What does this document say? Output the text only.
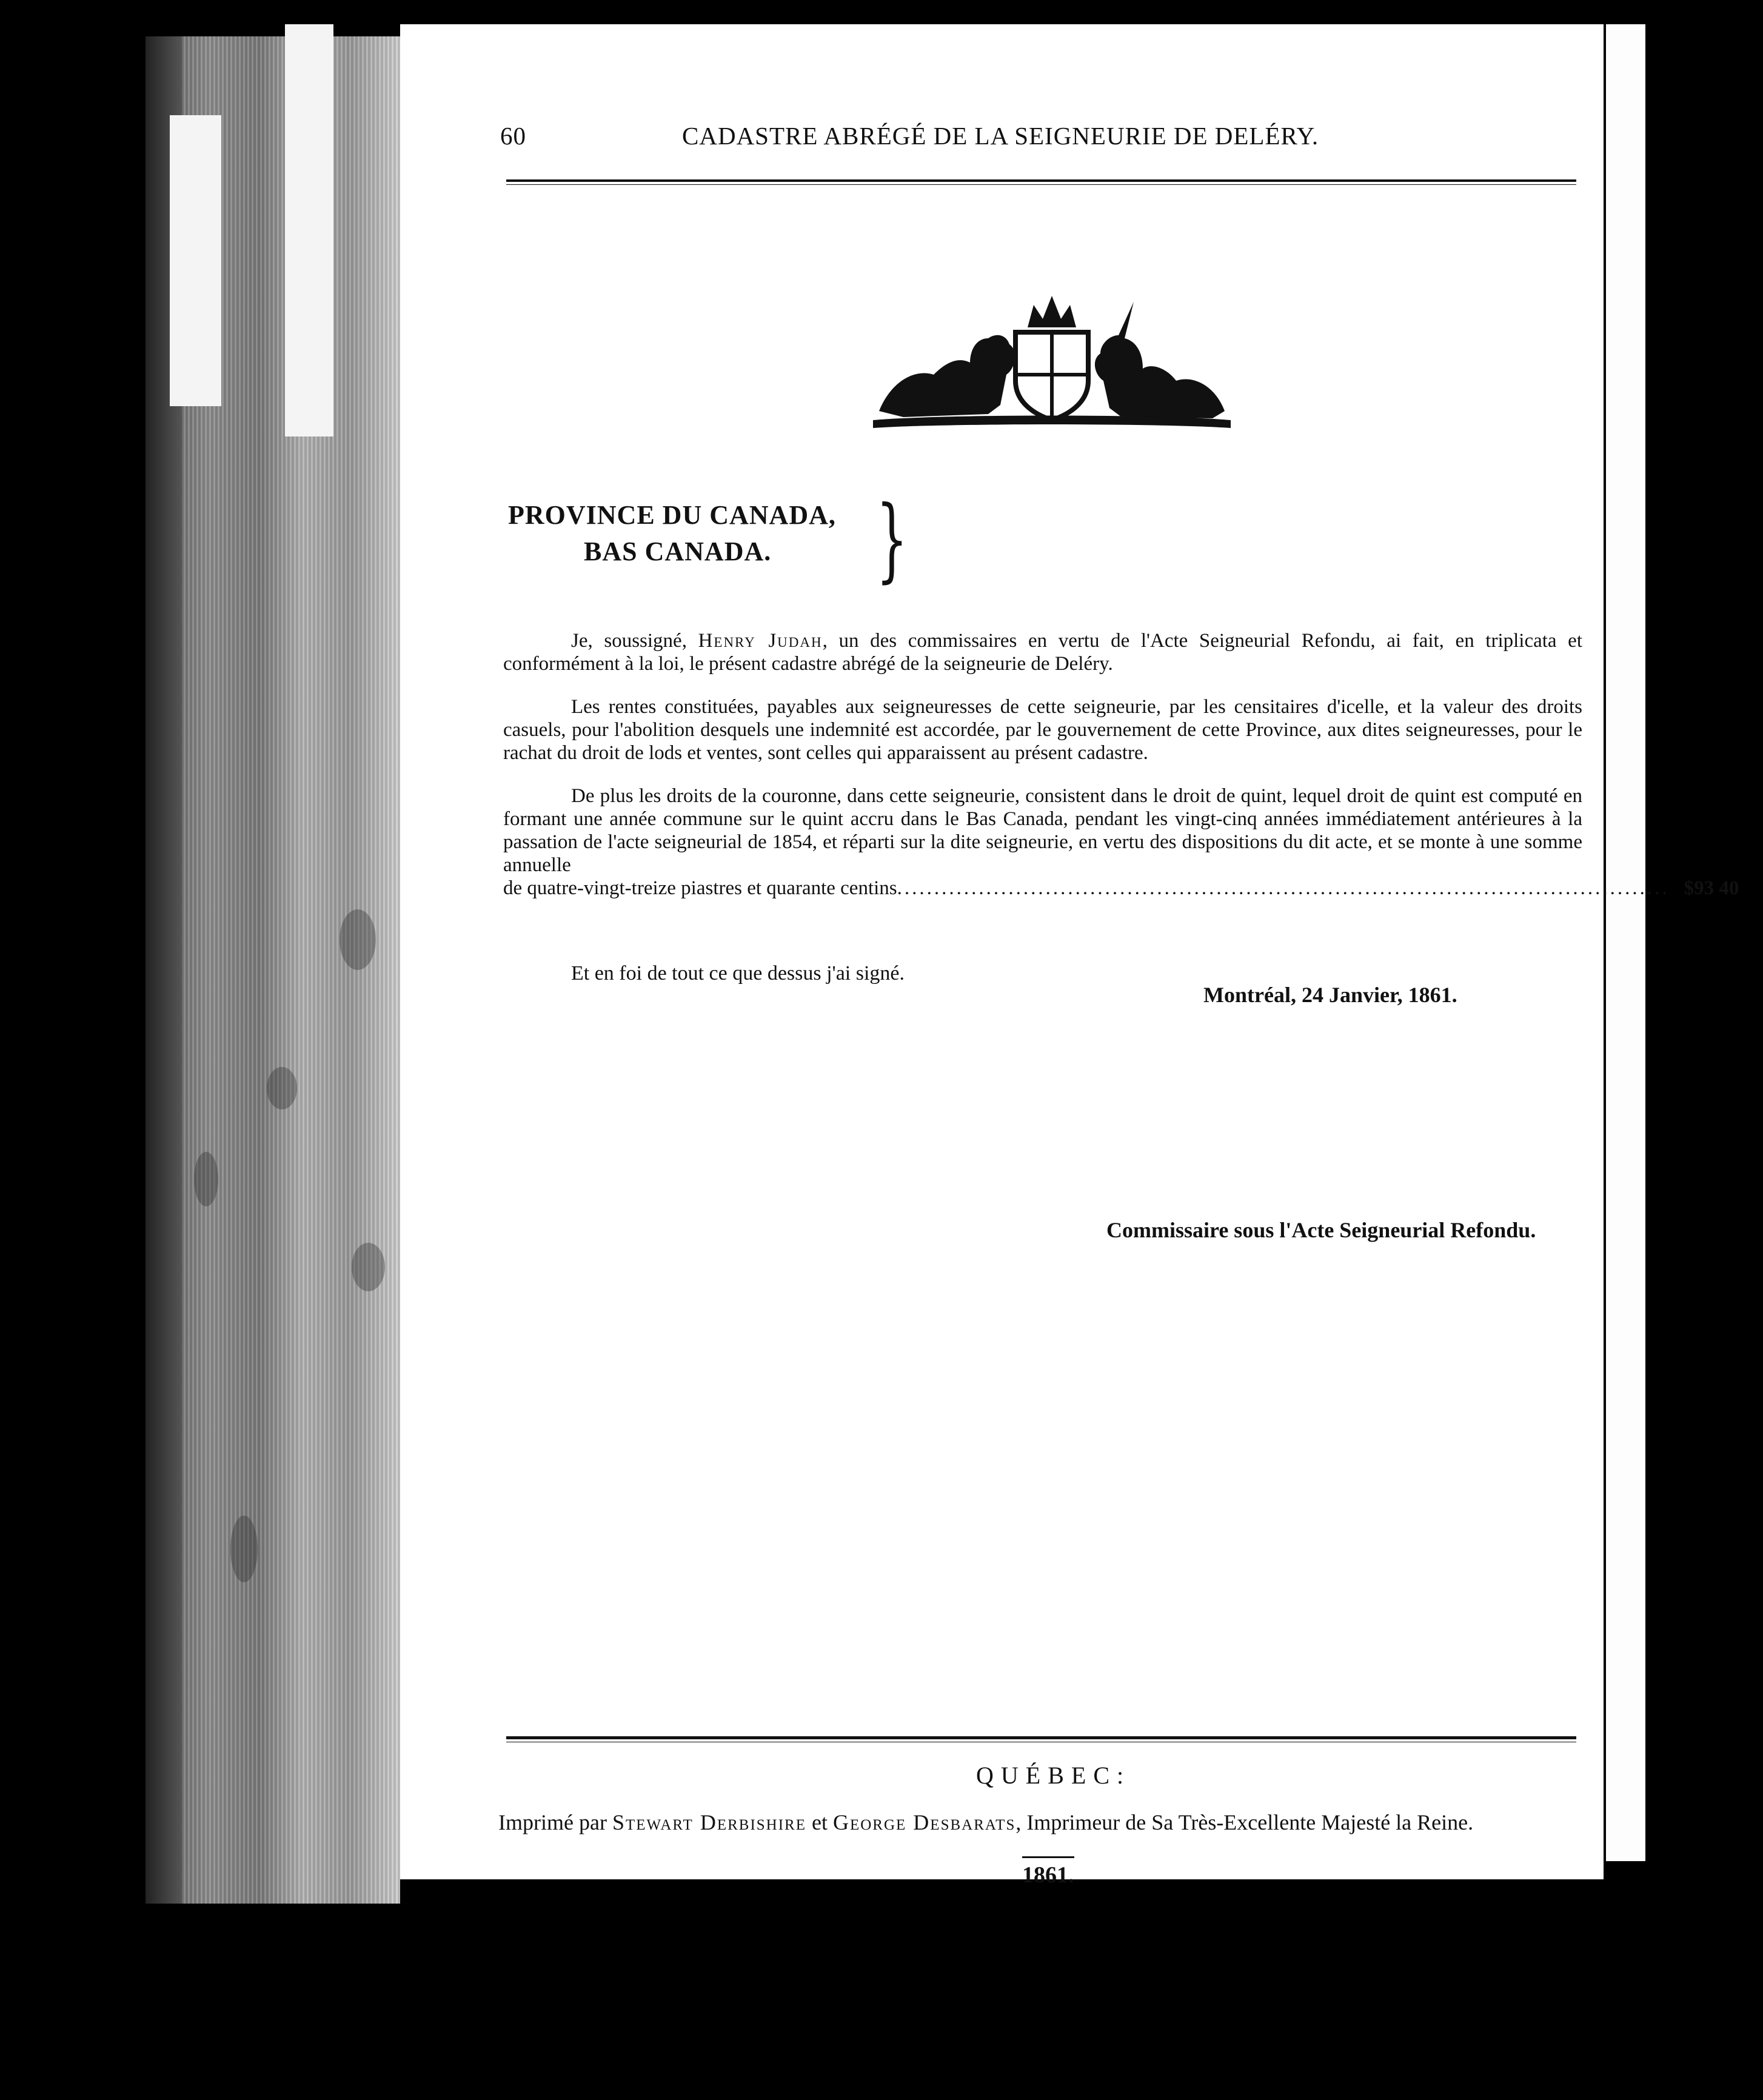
60	CADASTRE ABRÉGÉ DE LA SEIGNEURIE DE DELÉRY.
PROVINCE DU CANADA,
BAS CANADA.	}

Je, soussigné, Henry Judah, un des commissaires en vertu de l'Acte Seigneurial Refondu, ai fait, en triplicata et conformément à la loi, le présent cadastre abrégé de la seigneurie de Deléry.

Les rentes constituées, payables aux seigneuresses de cette seigneurie, par les censitaires d'icelle, et la valeur des droits casuels, pour l'abolition desquels une indemnité est accordée, par le gouvernement de cette Province, aux dites seigneuresses, pour le rachat du droit de lods et ventes, sont celles qui apparaissent au présent cadastre.

De plus les droits de la couronne, dans cette seigneurie, consistent dans le droit de quint, lequel droit de quint est computé en formant une année commune sur le quint accru dans le Bas Canada, pendant les vingt-cinq années immédiatement antérieures à la passation de l'acte seigneurial de 1854, et réparti sur la dite seigneurie, en vertu des dispositions du dit acte, et se monte à une somme annuelle

de quatre-vingt-treize piastres et quarante centins ........................................................................................................ $93 40
Et en foi de tout ce que dessus j'ai signé.
Montréal, 24 Janvier, 1861.
Commissaire sous l'Acte Seigneurial Refondu.
QUÉBEC:
Imprimé par Stewart Derbishire et George Desbarats, Imprimeur de Sa Très-Excellente Majesté la Reine.
1861.
